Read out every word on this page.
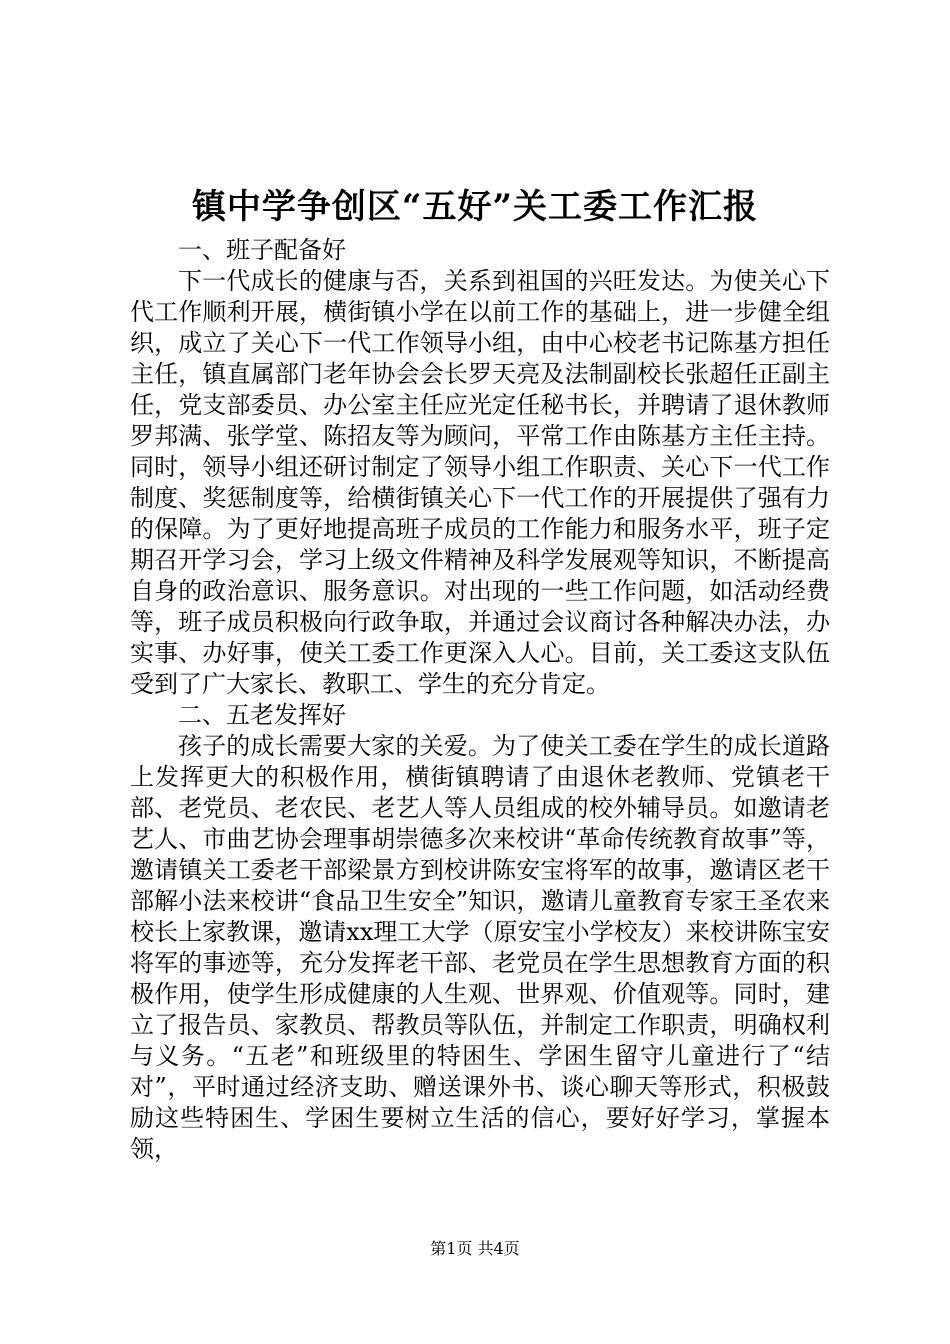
镇中学争创区“五好”关工委工作汇报

一、班子配备好

下一代成长的健康与否，关系到祖国的兴旺发达。为使关心下代工作顺利开展，横街镇小学在以前工作的基础上，进一步健全组织，成立了关心下一代工作领导小组，由中心校老书记陈基方担任主任，镇直属部门老年协会会长罗天亮及法制副校长张超任正副主任，党支部委员、办公室主任应光定任秘书长，并聘请了退休教师罗邦满、张学堂、陈招友等为顾问，平常工作由陈基方主任主持。同时，领导小组还研讨制定了领导小组工作职责、关心下一代工作制度、奖惩制度等，给横街镇关心下一代工作的开展提供了强有力的保障。为了更好地提高班子成员的工作能力和服务水平，班子定期召开学习会，学习上级文件精神及科学发展观等知识，不断提高自身的政治意识、服务意识。对出现的一些工作问题，如活动经费等，班子成员积极向行政争取，并通过会议商讨各种解决办法，办实事、办好事，使关工委工作更深入人心。目前，关工委这支队伍受到了广大家长、教职工、学生的充分肯定。

二、五老发挥好

孩子的成长需要大家的关爱。为了使关工委在学生的成长道路上发挥更大的积极作用，横街镇聘请了由退休老教师、党镇老干部、老党员、老农民、老艺人等人员组成的校外辅导员。如邀请老艺人、市曲艺协会理事胡崇德多次来校讲“革命传统教育故事”等，邀请镇关工委老干部梁景方到校讲陈安宝将军的故事，邀请区老干部解小法来校讲“食品卫生安全”知识，邀请儿童教育专家王圣农来校长上家教课，邀请xx理工大学（原安宝小学校友）来校讲陈宝安将军的事迹等，充分发挥老干部、老党员在学生思想教育方面的积极作用，使学生形成健康的人生观、世界观、价值观等。同时，建立了报告员、家教员、帮教员等队伍，并制定工作职责，明确权利与义务。“五老”和班级里的特困生、学困生留守儿童进行了“结对”，平时通过经济支助、赠送课外书、谈心聊天等形式，积极鼓励这些特困生、学困生要树立生活的信心，要好好学习，掌握本领，

第1页 共4页
